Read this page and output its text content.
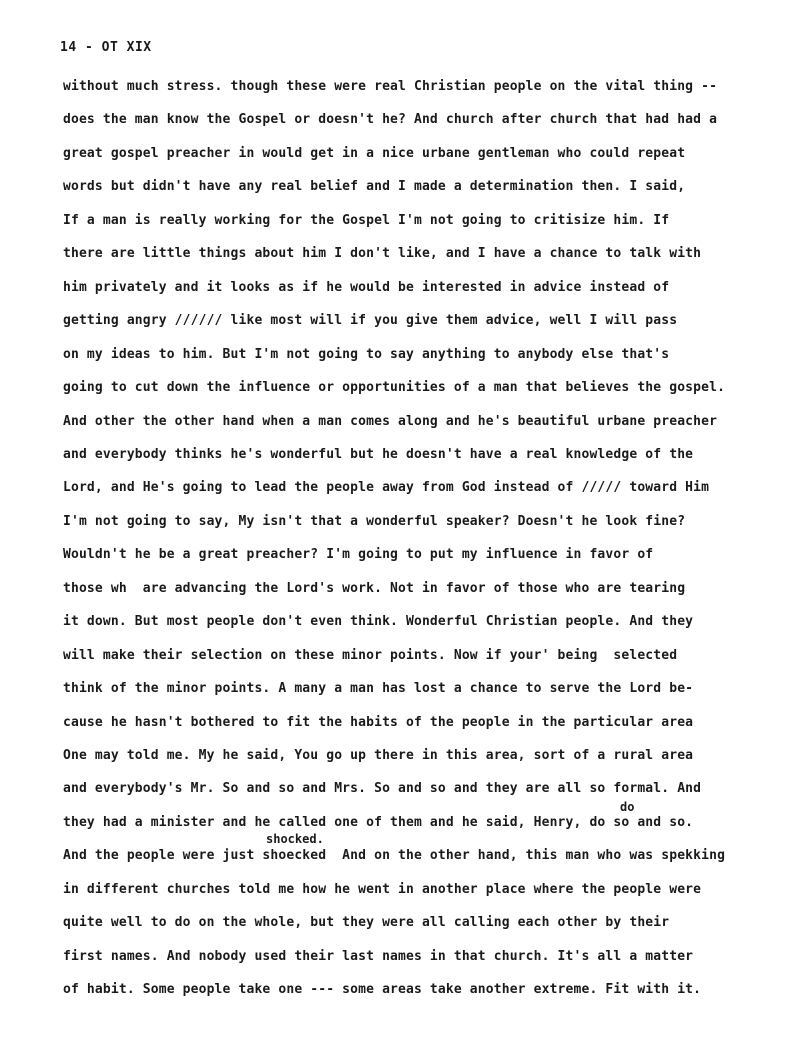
14 - OT XIX
without much stress. though these were real Christian people on the vital thing --
does the man know the Gospel or doesn't he? And church after church that had had a
great gospel preacher in would get in a nice urbane gentleman who could repeat
words but didn't have any real belief and I made a determination then. I said,
If a man is really working for the Gospel I'm not going to critisize him. If
there are little things about him I don't like, and I have a chance to talk with
him privately and it looks as if he would be interested in advice instead of
getting angry ////// like most will if you give them advice, well I will pass
on my ideas to him. But I'm not going to say anything to anybody else that's
going to cut down the influence or opportunities of a man that believes the gospel.
And other the other hand when a man comes along and he's beautiful urbane preacher
and everybody thinks he's wonderful but he doesn't have a real knowledge of the
Lord, and He's going to lead the people away from God instead of ///// toward Him
I'm not going to say, My isn't that a wonderful speaker? Doesn't he look fine?
Wouldn't he be a great preacher? I'm going to put my influence in favor of
those wh  are advancing the Lord's work. Not in favor of those who are tearing
it down. But most people don't even think. Wonderful Christian people. And they
will make their selection on these minor points. Now if your' being  selected
think of the minor points. A many a man has lost a chance to serve the Lord be-
cause he hasn't bothered to fit the habits of the people in the particular area
One may told me. My he said, You go up there in this area, sort of a rural area
and everybody's Mr. So and so and Mrs. So and so and they are all so formal. And
they had a minister and he called one of them and he said, Henry, do so and so.
And the people were just shoecked  And on the other hand, this man who was spekking
in different churches told me how he went in another place where the people were
quite well to do on the whole, but they were all calling each other by their
first names. And nobody used their last names in that church. It's all a matter
of habit. Some people take one --- some areas take another extreme. Fit with it.
do
shocked.
